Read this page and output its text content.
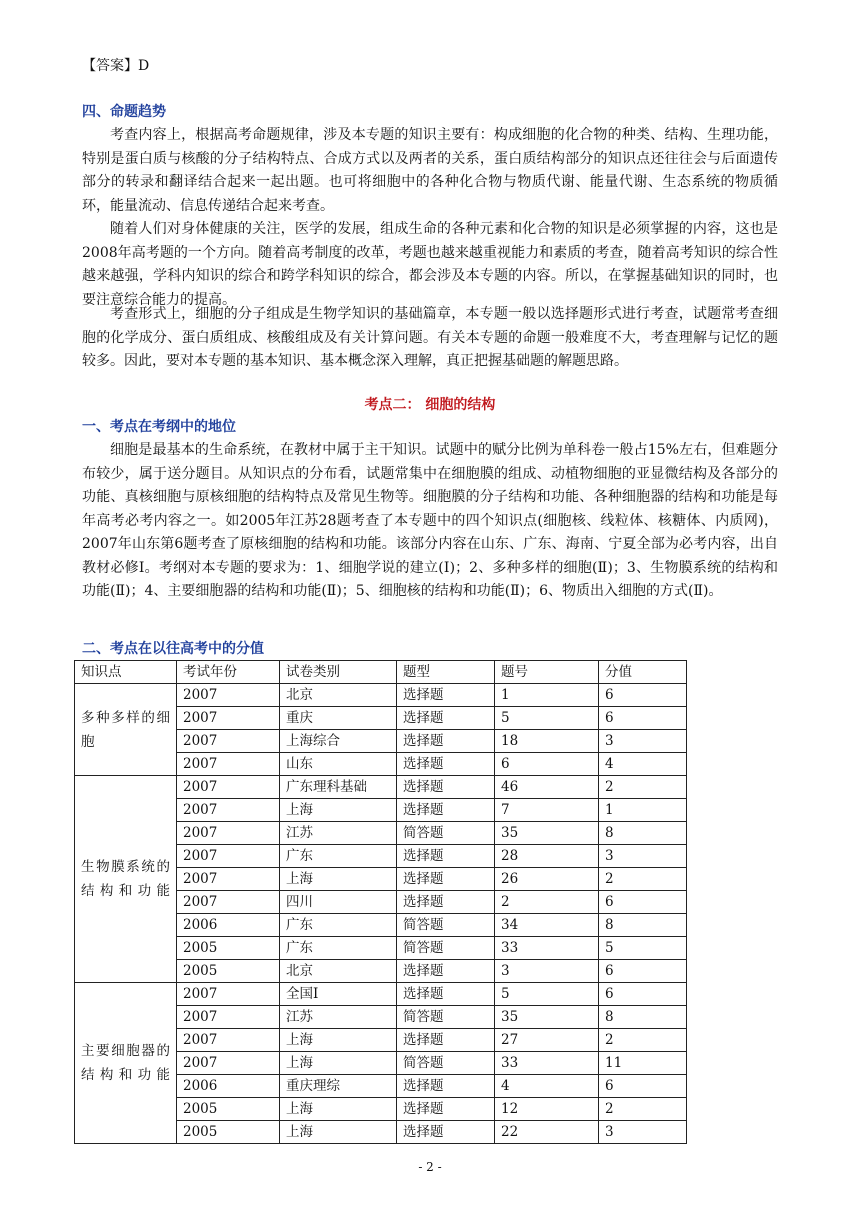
【答案】D
四、命题趋势

考查内容上，根据高考命题规律，涉及本专题的知识主要有：构成细胞的化合物的种类、结构、生理功能，特别是蛋白质与核酸的分子结构特点、合成方式以及两者的关系，蛋白质结构部分的知识点还往往会与后面遗传部分的转录和翻译结合起来一起出题。也可将细胞中的各种化合物与物质代谢、能量代谢、生态系统的物质循环，能量流动、信息传递结合起来考查。

随着人们对身体健康的关注，医学的发展，组成生命的各种元素和化合物的知识是必须掌握的内容，这也是2008年高考题的一个方向。随着高考制度的改革，考题也越来越重视能力和素质的考查，随着高考知识的综合性越来越强，学科内知识的综合和跨学科知识的综合，都会涉及本专题的内容。所以，在掌握基础知识的同时，也要注意综合能力的提高。

考查形式上，细胞的分子组成是生物学知识的基础篇章，本专题一般以选择题形式进行考查，试题常考查细胞的化学成分、蛋白质组成、核酸组成及有关计算问题。有关本专题的命题一般难度不大，考查理解与记忆的题较多。因此，要对本专题的基本知识、基本概念深入理解，真正把握基础题的解题思路。

考点二： 细胞的结构
一、考点在考纲中的地位

细胞是最基本的生命系统，在教材中属于主干知识。试题中的赋分比例为单科卷一般占15%左右，但难题分布较少，属于送分题目。从知识点的分布看，试题常集中在细胞膜的组成、动植物细胞的亚显微结构及各部分的功能、真核细胞与原核细胞的结构特点及常见生物等。细胞膜的分子结构和功能、各种细胞器的结构和功能是每年高考必考内容之一。如2005年江苏28题考查了本专题中的四个知识点(细胞核、线粒体、核糖体、内质网)，2007年山东第6题考查了原核细胞的结构和功能。该部分内容在山东、广东、海南、宁夏全部为必考内容，出自教材必修Ⅰ。考纲对本专题的要求为：1、细胞学说的建立(Ⅰ)；2、多种多样的细胞(Ⅱ)；3、生物膜系统的结构和功能(Ⅱ)；4、主要细胞器的结构和功能(Ⅱ)；5、细胞核的结构和功能(Ⅱ)；6、物质出入细胞的方式(Ⅱ)。

二、考点在以往高考中的分值
知识点	考试年份	试卷类别	题型	题号	分值
多种多样的细胞	2007	北京	选择题	1	6
	2007	重庆	选择题	5	6
	2007	上海综合	选择题	18	3
	2007	山东	选择题	6	4
生物膜系统的结构和功能	2007	广东理科基础	选择题	46	2
	2007	上海	选择题	7	1
	2007	江苏	简答题	35	8
	2007	广东	选择题	28	3
	2007	上海	选择题	26	2
	2007	四川	选择题	2	6
	2006	广东	简答题	34	8
	2005	广东	简答题	33	5
	2005	北京	选择题	3	6
主要细胞器的结构和功能	2007	全国Ⅰ	选择题	5	6
	2007	江苏	简答题	35	8
	2007	上海	选择题	27	2
	2007	上海	简答题	33	11
	2006	重庆理综	选择题	4	6
	2005	上海	选择题	12	2
	2005	上海	选择题	22	3
- 2 -
